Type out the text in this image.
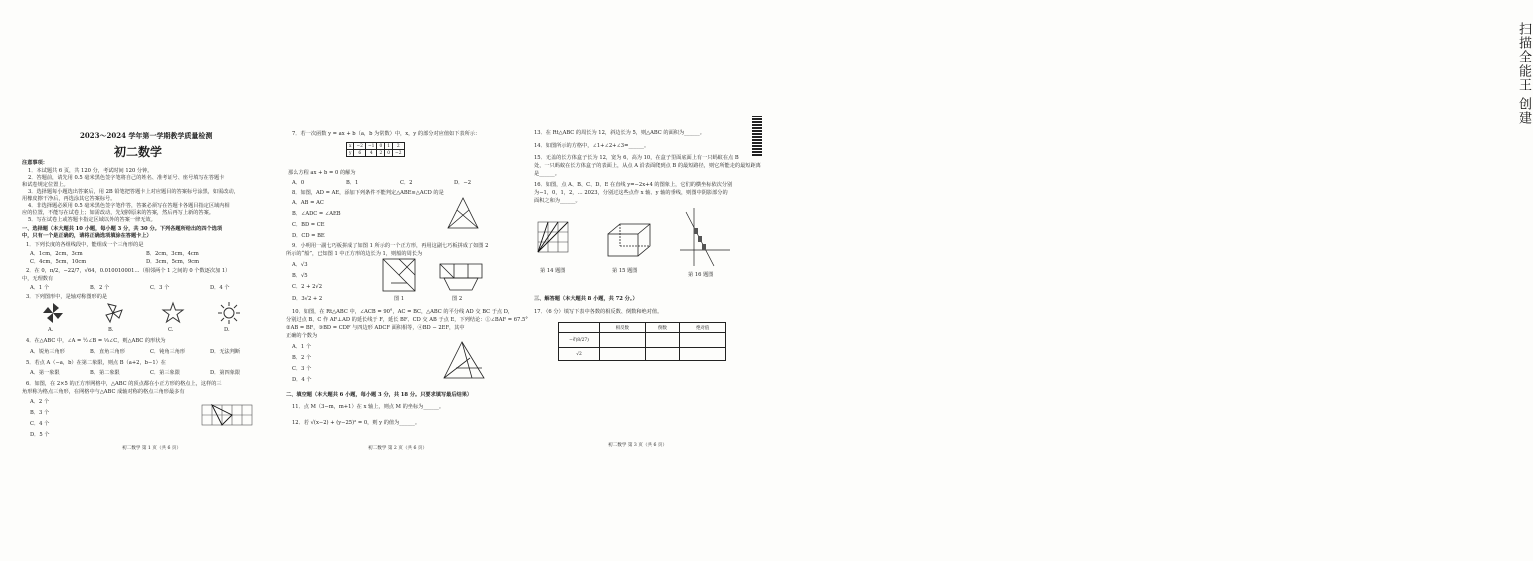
扫描全能王 创建
2023～2024 学年第一学期教学质量检测
初二数学
注意事项：
1．本试题共 6 页，共 120 分，考试时间 120 分钟。
2．答题前，请先用 0.5 毫米黑色签字笔将自己的姓名、准考证号、座号填写在答题卡
和试卷规定位置上。
3．选择题每小题选出答案后，用 2B 铅笔把答题卡上对应题目的答案标号涂黑，如需改动，
用橡皮擦干净后，再选涂其它答案标号。
4．非选择题必须用 0.5 毫米黑色签字笔作答，答案必须写在答题卡各题目指定区域内相
应的位置，不能写在试卷上；如需改动，先划掉原来的答案，然后再写上新的答案。
5．写在试卷上或答题卡指定区域以外的答案一律无效。
一、选择题（本大题共 10 小题，每小题 3 分，共 30 分。下列各题所给出的四个选项
中，只有一个是正确的，请将正确选项填涂在答题卡上）
1．下列长度的各组线段中，能组成一个三角形的是
A．1cm，2cm，3cm	B．2cm，3cm，4cm
C．4cm，5cm，10cm	D．3cm，5cm，9cm
2．在 0，π/2，−22/7，√64，0.010010001…（相邻两个 1 之间的 0 个数逐次加 1）
中，无理数有
A．1 个	B．2 个	C．3 个	D．4 个
3．下列图形中，是轴对称图形的是
A.	B.	C.	D.
4．在△ABC 中，∠A = ½∠B = ⅓∠C，则△ABC 的形状为
A．锐角三角形	B．直角三角形	C．钝角三角形	D．无法判断
5．若点 A（−a，b）在第二象限，则点 B（a+2，b−1）在
A．第一象限	B．第二象限	C．第三象限	D．第四象限
6．如图，在 2×5 的正方形网格中，△ABC 的顶点都在小正方形的格点上，这样的三
角形称为格点三角形，在网格中与△ABC 成轴对称的格点三角形最多有
A．2 个
B．3 个
C．4 个
D．5 个
初二数学 第 1 页（共 6 页）
7．若一次函数 y = ax + b（a，b 为常数）中，x，y 的部分对应值如下表所示：
x	−2	−1	0	1	2
y	6	4	2	0	−2
那么方程 ax + b = 0 的解为
A．0	B．1	C．2	D．−2
8．如图，AD = AE，添加下列条件不能判定△ABE≌△ACD 的是
A．AB = AC
B．∠ADC = ∠AEB
C．BD = CE
D．CD = BE
9．小明用一副七巧板拼成了如图 1 所示的一个正方形，再用这副七巧板拼成了如图 2
所示的“船”，已知图 1 中正方形的边长为 1，则船的周长为
A．√3
B．√5
C．2 + 2√2
D．3√2 + 2	图 1	图 2
10．如图，在 Rt△ABC 中，∠ACB = 90°，AC = BC，△ABC 的平分线 AD 交 BC 于点 D，
分别过点 B、C 作 AF⊥AD 的延长线于 F，延长 BF、CD 交 AB 于点 E，下列结论：①∠BAF = 67.5°
②AB = BF，③BD = CDF 与四边形 ADCF 面积相等，④BD − 2EF，其中
正确的个数为
A．1 个
B．2 个
C．3 个
D．4 个
二、填空题（本大题共 6 小题，每小题 3 分，共 18 分。只要求填写最后结果）
11．点 M（3−m，m+1）在 x 轴上，则点 M 的坐标为______。
12．若 √(x−2) + (y−25)² = 0，则 y 的值为______。
初二数学 第 2 页（共 6 页）
13．在 Rt△ABC 的周长为 12，斜边长为 5，则△ABC 的面积为______。
14．如图所示的方格中，∠1+∠2+∠3=______。
15．无盖的长方体盒子长为 12，宽为 6，高为 10，在盒子里面底面上有一只蚂蚁在点 B
处，一只蚂蚁在长方体盒子的表面上，从点 A 沿表面爬到点 B 的最短路径，则它所能走的最短距离
是______。
16．如图，点 A、B、C、D、E 在直线 y=−2x+4 的图象上，它们的横坐标依次分别
为−1，0，1，2，… 2023，分别过这些点作 x 轴、y 轴的垂线，则图中阴影部分的
面积之和为______。
第 14 题图	第 15 题图
第 16 题图
三、解答题（本大题共 8 小题，共 72 分。）
17．（6 分）填写下表中各数的相反数、倒数和绝对值。
	相反数	倒数	绝对值
−∛(8/27)			
√2			
初二数学 第 3 页（共 6 页）
